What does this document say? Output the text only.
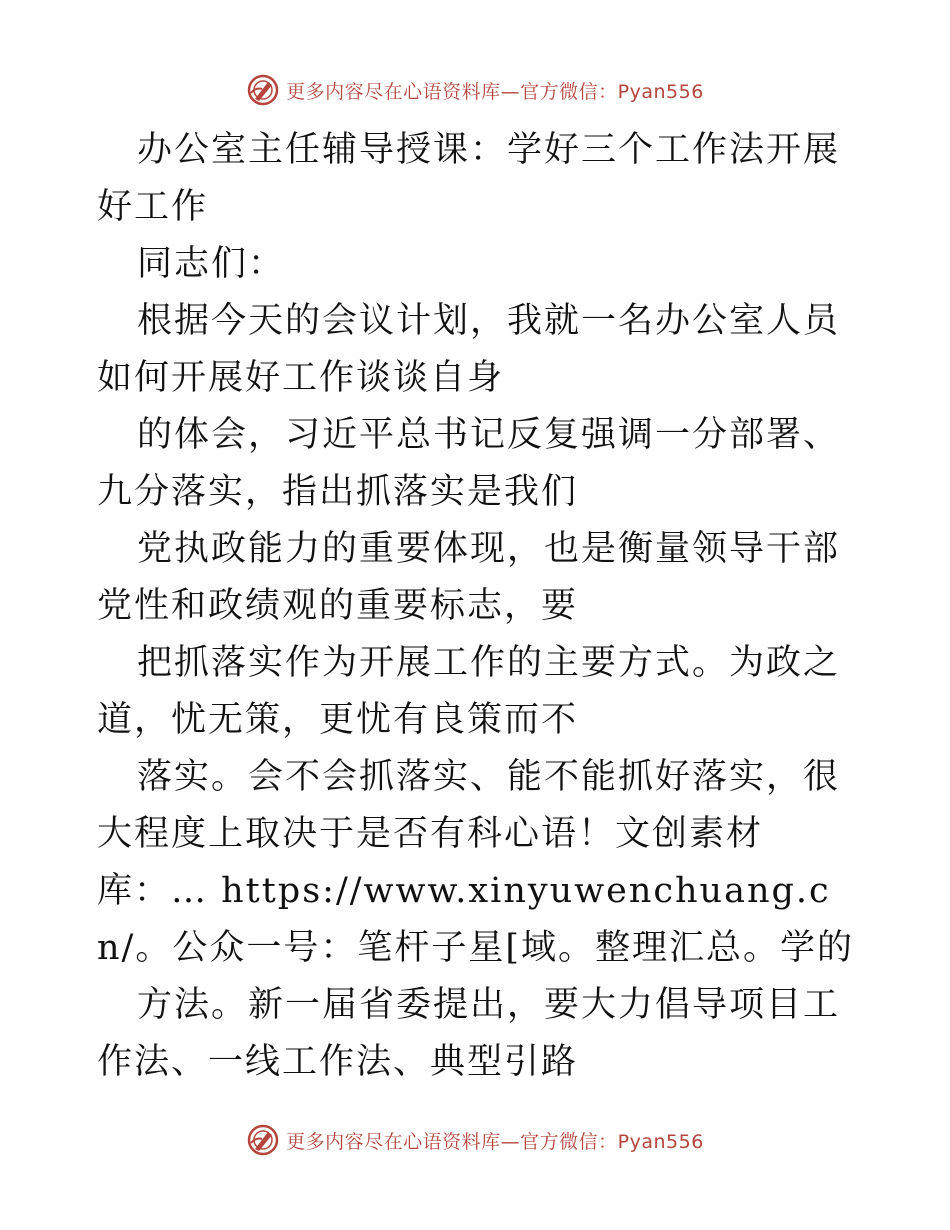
更多内容尽在心语资料库—官方微信：Pyan556

办公室主任辅导授课：学好三个工作法开展好工作

同志们：

根据今天的会议计划，我就一名办公室人员如何开展好工作谈谈自身

的体会，习近平总书记反复强调一分部署、九分落实，指出抓落实是我们

党执政能力的重要体现，也是衡量领导干部党性和政绩观的重要标志，要

把抓落实作为开展工作的主要方式。为政之道，忧无策，更忧有良策而不

落实。会不会抓落实、能不能抓好落实，很大程度上取决于是否有科心语！文创素材库：… https://www.xinyuwenchuang.cn/。公众一号：笔杆子星[域。整理汇总。学的

方法。新一届省委提出，要大力倡导项目工作法、一线工作法、典型引路

更多内容尽在心语资料库—官方微信：Pyan556
